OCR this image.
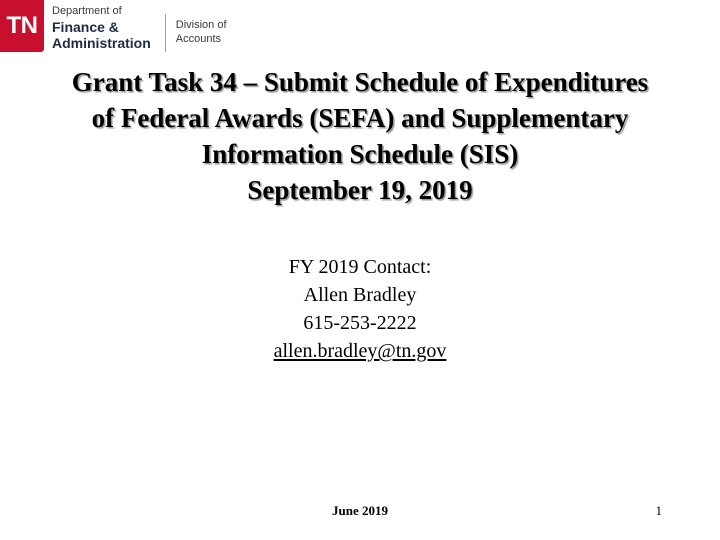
TN
Department of
Finance &
Administration
Division of
Accounts
Grant Task 34 – Submit Schedule of Expenditures
of Federal Awards (SEFA) and Supplementary
Information Schedule (SIS)
September 19, 2019
FY 2019 Contact:
Allen Bradley
615-253-2222
allen.bradley@tn.gov
June 2019	1
